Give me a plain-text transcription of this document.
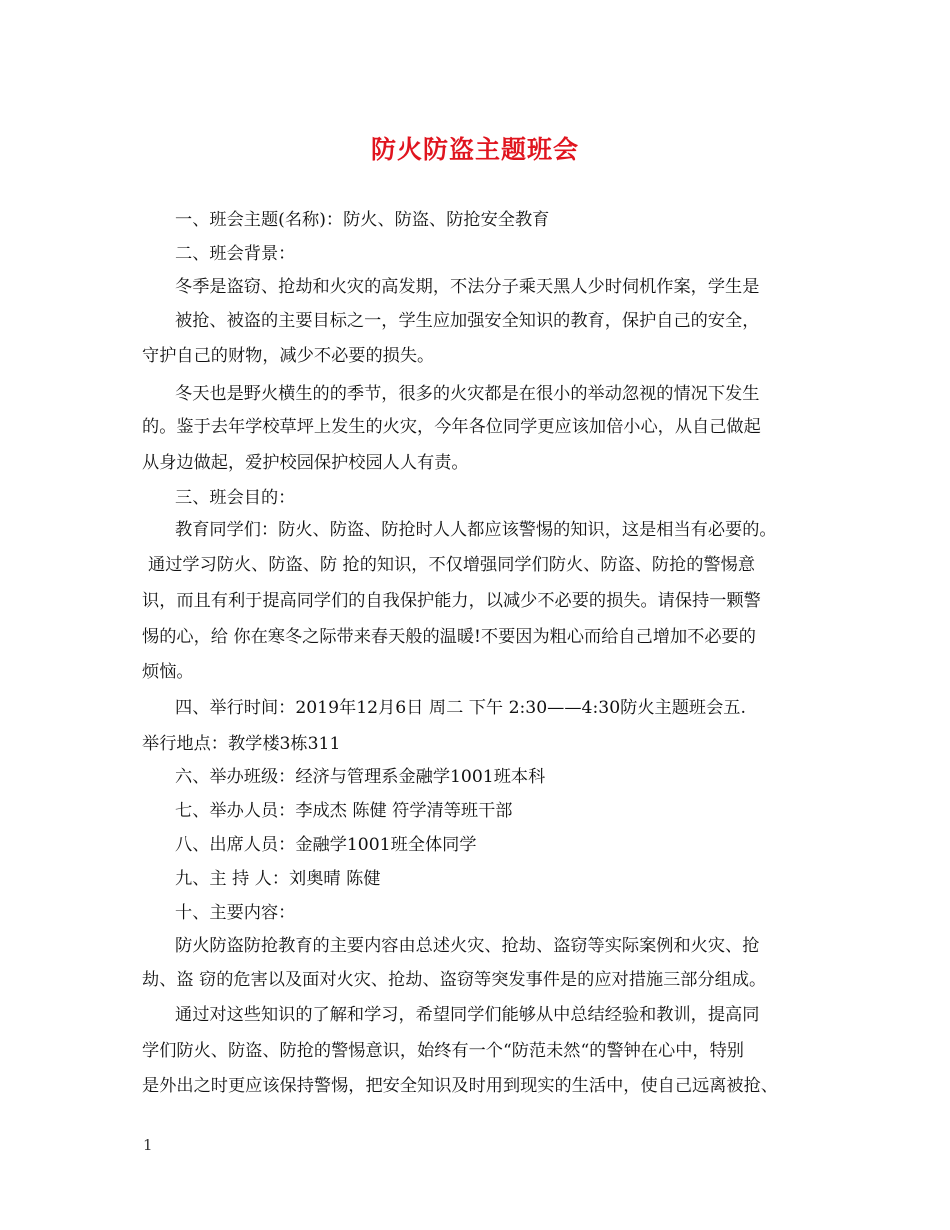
防火防盗主题班会
一、班会主题(名称)：防火、防盗、防抢安全教育
二、班会背景：
冬季是盗窃、抢劫和火灾的高发期，不法分子乘天黑人少时伺机作案，学生是
被抢、被盗的主要目标之一，学生应加强安全知识的教育，保护自己的安全，
守护自己的财物，减少不必要的损失。
冬天也是野火横生的的季节，很多的火灾都是在很小的举动忽视的情况下发生
的。鉴于去年学校草坪上发生的火灾，今年各位同学更应该加倍小心，从自己做起
从身边做起，爱护校园保护校园人人有责。
三、班会目的：
教育同学们：防火、防盗、防抢时人人都应该警惕的知识，这是相当有必要的。
通过学习防火、防盗、防 抢的知识，不仅增强同学们防火、防盗、防抢的警惕意
识，而且有利于提高同学们的自我保护能力，以减少不必要的损失。请保持一颗警
惕的心，给 你在寒冬之际带来春天般的温暖!不要因为粗心而给自己增加不必要的
烦恼。
四、举行时间：2019年12月6日 周二 下午 2:30——4:30防火主题班会五.
举行地点：教学楼3栋311
六、举办班级：经济与管理系金融学1001班本科
七、举办人员：李成杰 陈健 符学清等班干部
八、出席人员：金融学1001班全体同学
九、主 持 人：刘奥晴 陈健
十、主要内容：
防火防盗防抢教育的主要内容由总述火灾、抢劫、盗窃等实际案例和火灾、抢
劫、盗 窃的危害以及面对火灾、抢劫、盗窃等突发事件是的应对措施三部分组成。
通过对这些知识的了解和学习，希望同学们能够从中总结经验和教训，提高同
学们防火、防盗、防抢的警惕意识，始终有一个“防范未然“的警钟在心中，特别
是外出之时更应该保持警惕，把安全知识及时用到现实的生活中，使自己远离被抢、
1
